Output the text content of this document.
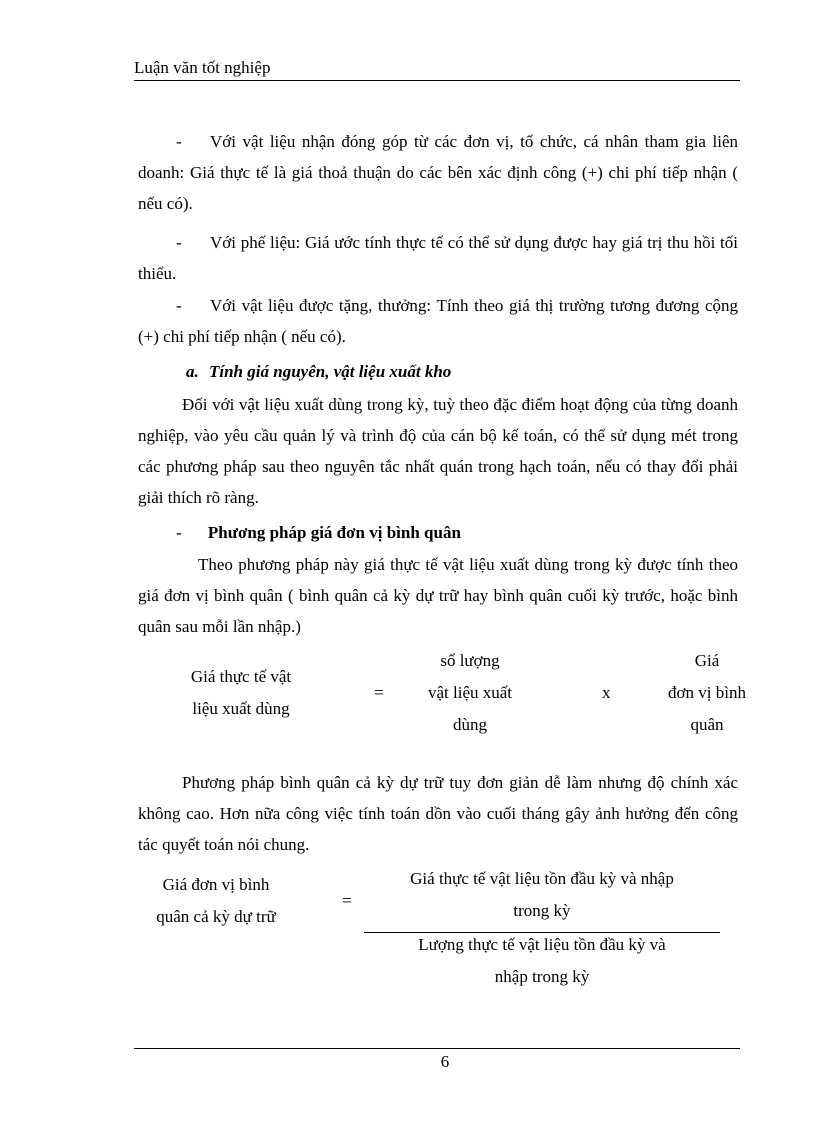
Luận văn tốt nghiệp
- Với vật liệu nhận đóng góp từ các đơn vị, tổ chức, cá nhân tham gia liên doanh: Giá thực tế là giá thoả thuận do các bên xác định công (+) chi phí tiếp nhận ( nếu có).
- Với phế liệu: Giá ước tính thực tế có thể sử dụng được hay giá trị thu hồi tối thiểu.
- Với vật liệu được tặng, thưởng: Tính theo giá thị trường tương đương cộng (+) chi phí tiếp nhận ( nếu có).
a. Tính giá nguyên, vật liệu xuất kho
Đối với vật liệu xuất dùng trong kỳ, tuỳ theo đặc điểm hoạt động của từng doanh nghiệp, vào yêu cầu quản lý và trình độ của cán bộ kế toán, có thể sử dụng mét trong các phương pháp sau theo nguyên tắc nhất quán trong hạch toán, nếu có thay đổi phải giải thích rõ ràng.
- Phương pháp giá đơn vị bình quân
Theo phương pháp này giá thực tế vật liệu xuất dùng trong kỳ được tính theo giá đơn vị bình quân ( bình quân cả kỳ dự trữ hay bình quân cuối kỳ trước, hoặc bình quân sau mỗi lần nhập.)
Giá thực tế vật
liệu xuất dùng
=
số lượng
vật liệu xuất
dùng
x
Giá
đơn vị bình
quân
Phương pháp bình quân cả kỳ dự trữ tuy đơn giản dễ làm nhưng độ chính xác không cao. Hơn nữa công việc tính toán dồn vào cuối tháng gây ảnh hưởng đến công tác quyết toán nói chung.
Giá đơn vị bình
quân cả kỳ dự trữ
=
Giá thực tế vật liệu tồn đầu kỳ và nhập
trong kỳ
Lượng thực tế vật liệu tồn đầu kỳ và
nhập trong kỳ
6
